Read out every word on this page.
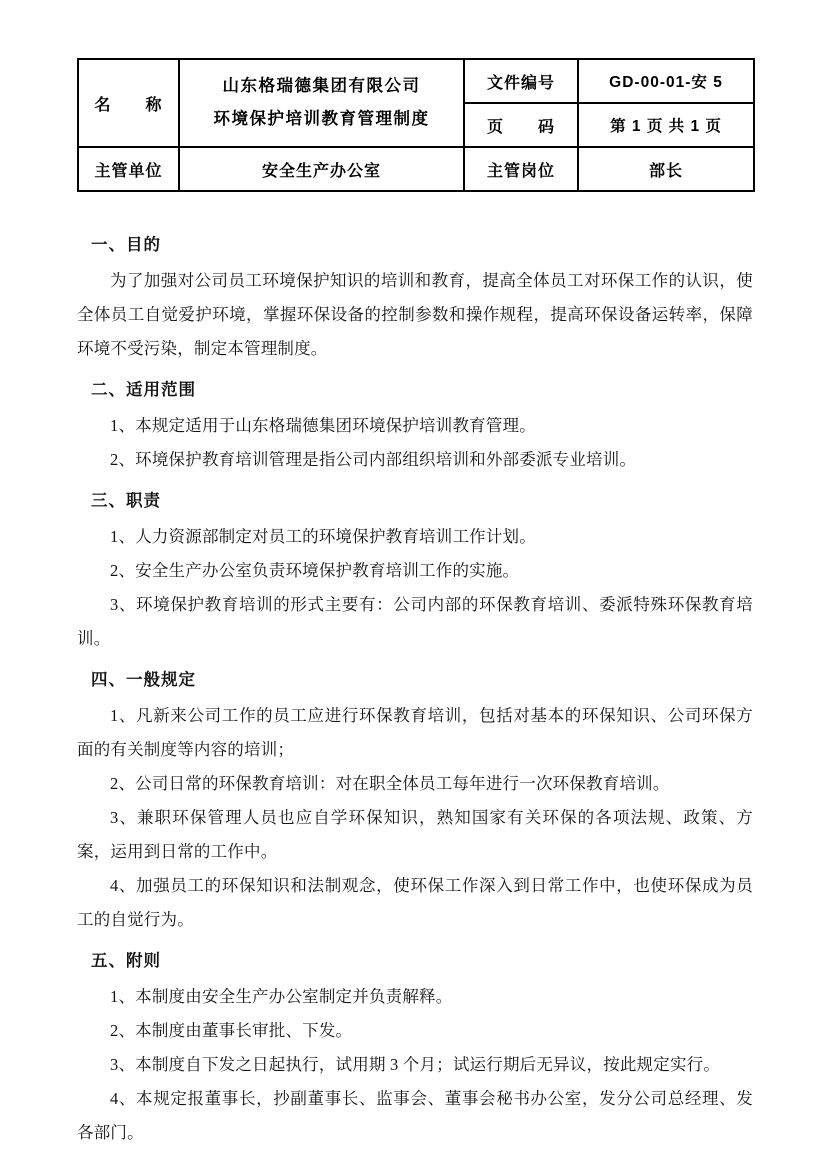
名　　称	山东格瑞德集团有限公司
环境保护培训教育管理制度	文件编号	GD-00-01-安 5
		页　　码	第 1 页 共 1 页
主管单位	安全生产办公室	主管岗位	部长
一、目的

为了加强对公司员工环境保护知识的培训和教育，提高全体员工对环保工作的认识，使全体员工自觉爱护环境，掌握环保设备的控制参数和操作规程，提高环保设备运转率，保障环境不受污染，制定本管理制度。

二、适用范围

1、本规定适用于山东格瑞德集团环境保护培训教育管理。

2、环境保护教育培训管理是指公司内部组织培训和外部委派专业培训。

三、职责

1、人力资源部制定对员工的环境保护教育培训工作计划。

2、安全生产办公室负责环境保护教育培训工作的实施。

3、环境保护教育培训的形式主要有：公司内部的环保教育培训、委派特殊环保教育培训。

四、一般规定

1、凡新来公司工作的员工应进行环保教育培训，包括对基本的环保知识、公司环保方面的有关制度等内容的培训；

2、公司日常的环保教育培训：对在职全体员工每年进行一次环保教育培训。

3、兼职环保管理人员也应自学环保知识，熟知国家有关环保的各项法规、政策、方案，运用到日常的工作中。

4、加强员工的环保知识和法制观念，使环保工作深入到日常工作中，也使环保成为员工的自觉行为。

五、附则

1、本制度由安全生产办公室制定并负责解释。

2、本制度由董事长审批、下发。

3、本制度自下发之日起执行，试用期 3 个月；试运行期后无异议，按此规定实行。

4、本规定报董事长，抄副董事长、监事会、董事会秘书办公室，发分公司总经理、发各部门。
